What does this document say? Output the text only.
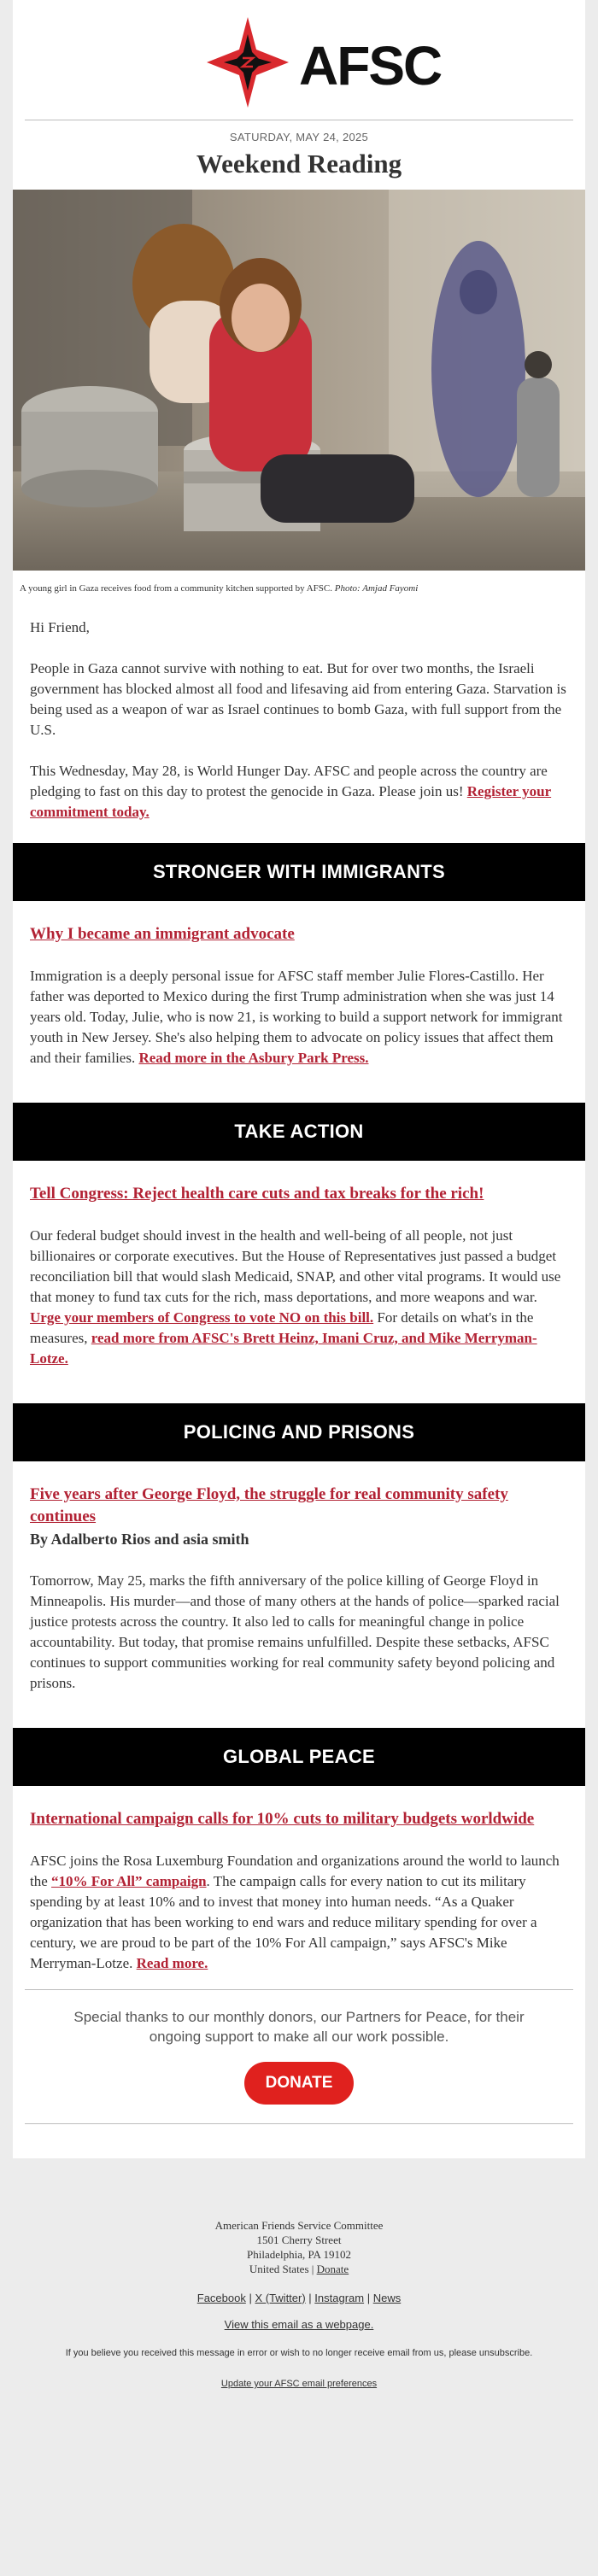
AFSC
SATURDAY, MAY 24, 2025
Weekend Reading
A young girl in Gaza receives food from a community kitchen supported by AFSC. Photo: Amjad Fayomi

Hi Friend,

People in Gaza cannot survive with nothing to eat. But for over two months, the Israeli government has blocked almost all food and lifesaving aid from entering Gaza. Starvation is being used as a weapon of war as Israel continues to bomb Gaza, with full support from the U.S.

This Wednesday, May 28, is World Hunger Day. AFSC and people across the country are pledging to fast on this day to protest the genocide in Gaza. Please join us! Register your commitment today.

STRONGER WITH IMMIGRANTS
Why I became an immigrant advocate

Immigration is a deeply personal issue for AFSC staff member Julie Flores-Castillo. Her father was deported to Mexico during the first Trump administration when she was just 14 years old. Today, Julie, who is now 21, is working to build a support network for immigrant youth in New Jersey. She's also helping them to advocate on policy issues that affect them and their families. Read more in the Asbury Park Press.

TAKE ACTION
Tell Congress: Reject health care cuts and tax breaks for the rich!

Our federal budget should invest in the health and well-being of all people, not just billionaires or corporate executives. But the House of Representatives just passed a budget reconciliation bill that would slash Medicaid, SNAP, and other vital programs. It would use that money to fund tax cuts for the rich, mass deportations, and more weapons and war. Urge your members of Congress to vote NO on this bill. For details on what's in the measures, read more from AFSC's Brett Heinz, Imani Cruz, and Mike Merryman-Lotze.

POLICING AND PRISONS
Five years after George Floyd, the struggle for real community safety continues
By Adalberto Rios and asia smith

Tomorrow, May 25, marks the fifth anniversary of the police killing of George Floyd in Minneapolis. His murder—and those of many others at the hands of police—sparked racial justice protests across the country. It also led to calls for meaningful change in police accountability. But today, that promise remains unfulfilled. Despite these setbacks, AFSC continues to support communities working for real community safety beyond policing and prisons.

GLOBAL PEACE
International campaign calls for 10% cuts to military budgets worldwide

AFSC joins the Rosa Luxemburg Foundation and organizations around the world to launch the “10% For All” campaign. The campaign calls for every nation to cut its military spending by at least 10% and to invest that money into human needs. “As a Quaker organization that has been working to end wars and reduce military spending for over a century, we are proud to be part of the 10% For All campaign,” says AFSC's Mike Merryman-Lotze. Read more.

Special thanks to our monthly donors, our Partners for Peace, for their ongoing support to make all our work possible.
DONATE
American Friends Service Committee
1501 Cherry Street
Philadelphia, PA 19102
United States | Donate
Facebook | X (Twitter) | Instagram | News
View this email as a webpage.
If you believe you received this message in error or wish to no longer receive email from us, please unsubscribe.
Update your AFSC email preferences
